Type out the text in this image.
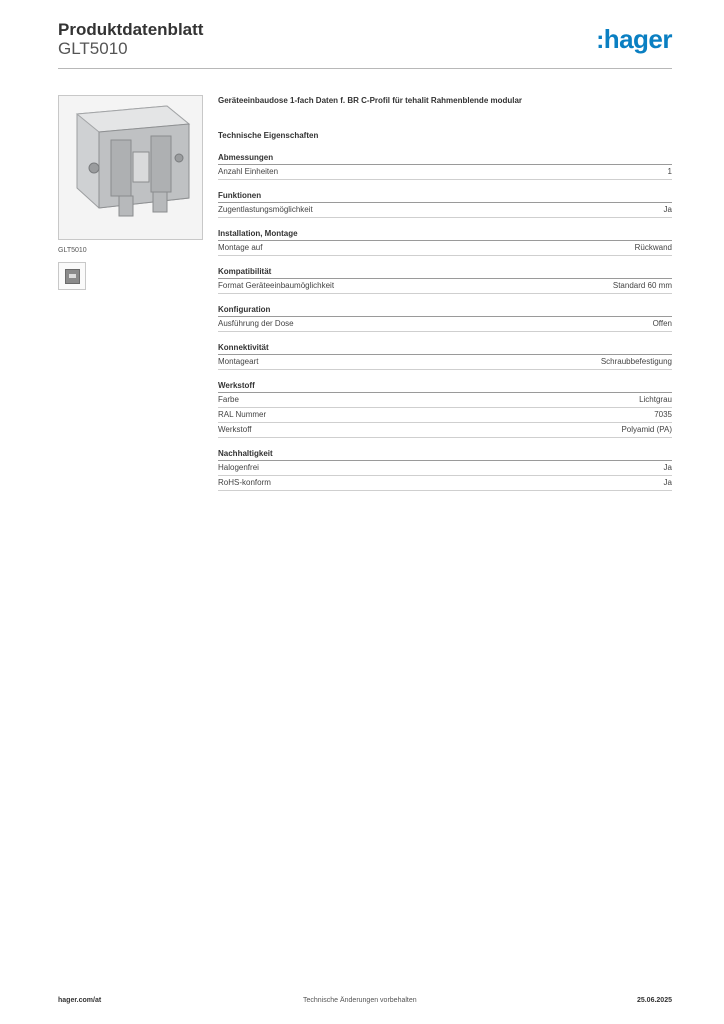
Produktdatenblatt
GLT5010	:hager
GLT5010
Geräteeinbaudose 1-fach Daten f. BR C-Profil für tehalit Rahmenblende modular
Technische Eigenschaften
Abmessungen
Anzahl Einheiten	1
Funktionen
Zugentlastungsmöglichkeit	Ja
Installation, Montage
Montage auf	Rückwand
Kompatibilität
Format Geräteeinbaumöglichkeit	Standard 60 mm
Konfiguration
Ausführung der Dose	Offen
Konnektivität
Montageart	Schraubbefestigung
Werkstoff
Farbe	Lichtgrau
RAL Nummer	7035
Werkstoff	Polyamid (PA)
Nachhaltigkeit
Halogenfrei	Ja
RoHS-konform	Ja
hager.com/at	Technische Änderungen vorbehalten	25.06.2025
